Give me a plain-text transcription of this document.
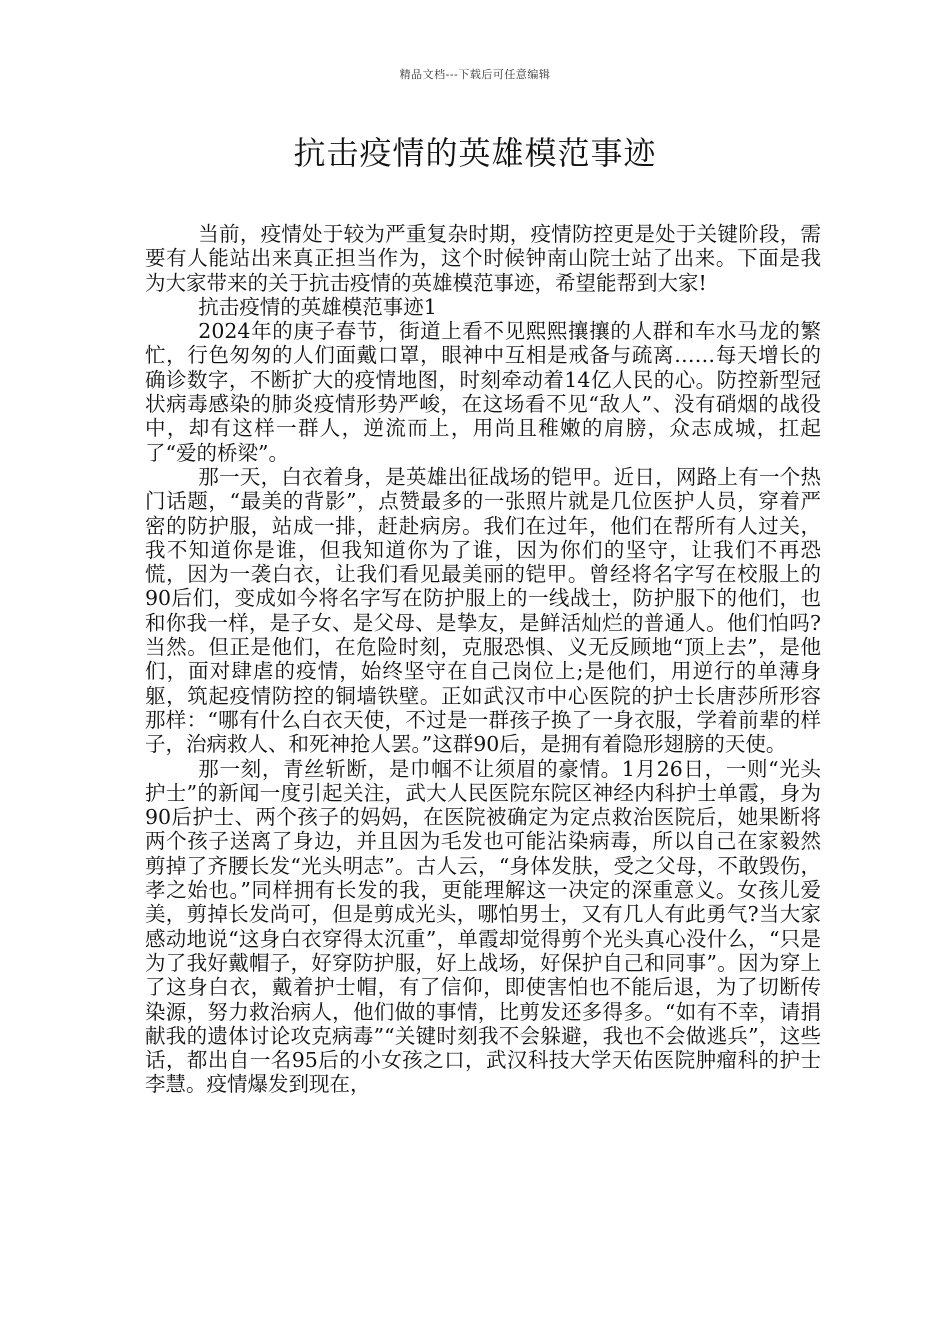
精品文档---下载后可任意编辑
抗击疫情的英雄模范事迹

当前，疫情处于较为严重复杂时期，疫情防控更是处于关键阶段，需要有人能站出来真正担当作为，这个时候钟南山院士站了出来。下面是我为大家带来的关于抗击疫情的英雄模范事迹，希望能帮到大家!

抗击疫情的英雄模范事迹1

2024年的庚子春节，街道上看不见熙熙攘攘的人群和车水马龙的繁忙，行色匆匆的人们面戴口罩，眼神中互相是戒备与疏离……每天增长的确诊数字，不断扩大的疫情地图，时刻牵动着14亿人民的心。防控新型冠状病毒感染的肺炎疫情形势严峻，在这场看不见“敌人”、没有硝烟的战役中，却有这样一群人，逆流而上，用尚且稚嫩的肩膀，众志成城，扛起了“爱的桥梁”。

那一天，白衣着身，是英雄出征战场的铠甲。近日，网路上有一个热门话题，“最美的背影”，点赞最多的一张照片就是几位医护人员，穿着严密的防护服，站成一排，赶赴病房。我们在过年，他们在帮所有人过关，我不知道你是谁，但我知道你为了谁，因为你们的坚守，让我们不再恐慌，因为一袭白衣，让我们看见最美丽的铠甲。曾经将名字写在校服上的90后们，变成如今将名字写在防护服上的一线战士，防护服下的他们，也和你我一样，是子女、是父母、是挚友，是鲜活灿烂的普通人。他们怕吗?当然。但正是他们，在危险时刻，克服恐惧、义无反顾地“顶上去”，是他们，面对肆虐的疫情，始终坚守在自己岗位上;是他们，用逆行的单薄身躯，筑起疫情防控的铜墙铁壁。正如武汉市中心医院的护士长唐莎所形容那样：“哪有什么白衣天使，不过是一群孩子换了一身衣服，学着前辈的样子，治病救人、和死神抢人罢。”这群90后，是拥有着隐形翅膀的天使。

那一刻，青丝斩断，是巾帼不让须眉的豪情。1月26日，一则“光头护士”的新闻一度引起关注，武大人民医院东院区神经内科护士单霞，身为90后护士、两个孩子的妈妈，在医院被确定为定点救治医院后，她果断将两个孩子送离了身边，并且因为毛发也可能沾染病毒，所以自己在家毅然剪掉了齐腰长发“光头明志”。古人云，“身体发肤，受之父母，不敢毁伤，孝之始也。”同样拥有长发的我，更能理解这一决定的深重意义。女孩儿爱美，剪掉长发尚可，但是剪成光头，哪怕男士，又有几人有此勇气?当大家感动地说“这身白衣穿得太沉重”，单霞却觉得剪个光头真心没什么，“只是为了我好戴帽子，好穿防护服，好上战场，好保护自己和同事”。因为穿上了这身白衣，戴着护士帽，有了信仰，即使害怕也不能后退，为了切断传染源，努力救治病人，他们做的事情，比剪发还多得多。“如有不幸，请捐献我的遗体讨论攻克病毒”“关键时刻我不会躲避，我也不会做逃兵”，这些话，都出自一名95后的小女孩之口，武汉科技大学天佑医院肿瘤科的护士李慧。疫情爆发到现在，
